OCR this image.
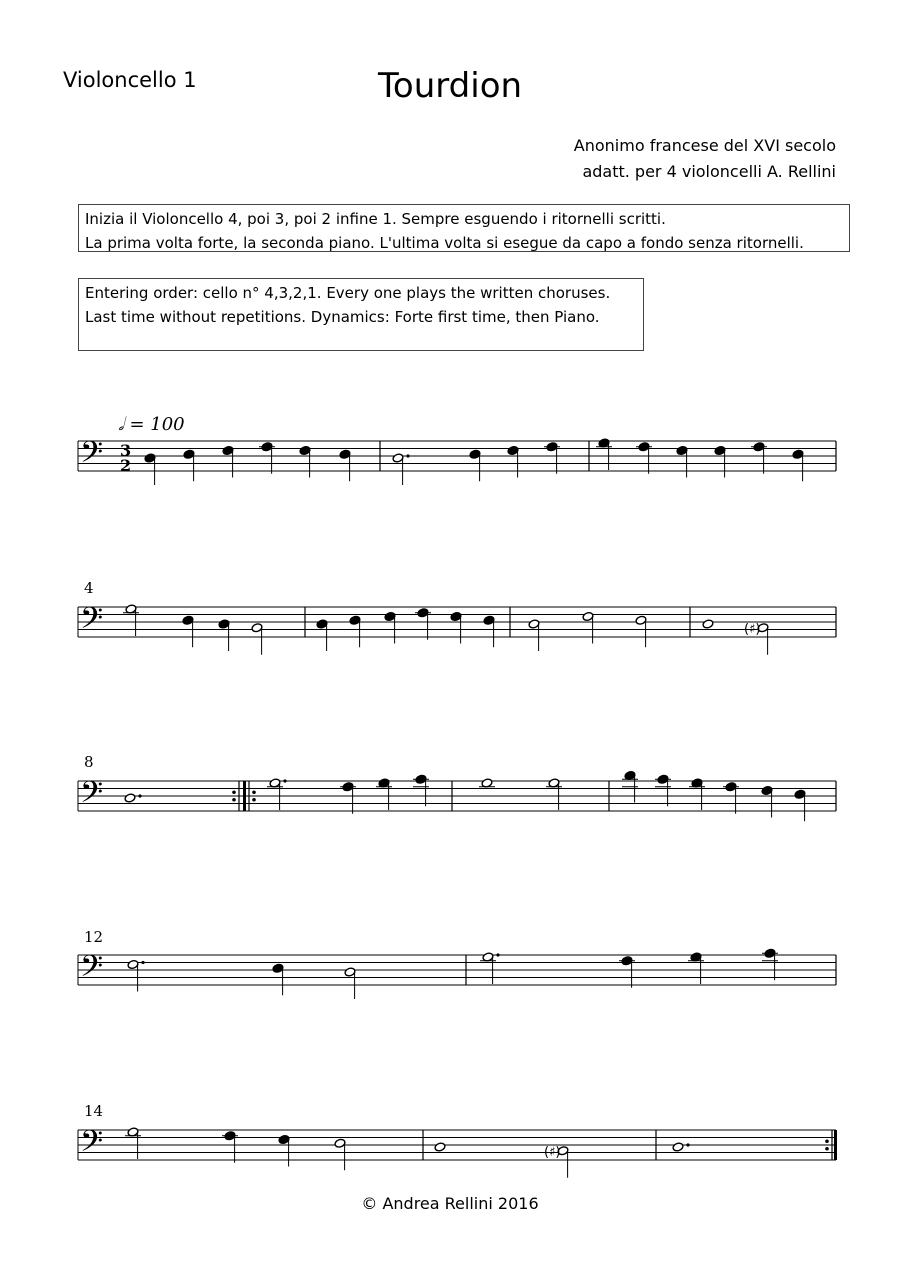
Violoncello 1	Tourdion
Anonimo francese del XVI secolo
adatt. per 4 violoncelli A. Rellini
Inizia il Violoncello 4, poi 3, poi 2 infine 1. Sempre esguendo i ritornelli scritti.
La prima volta forte, la seconda piano. L'ultima volta si esegue da capo a fondo senza ritornelli.
Entering order: cello n° 4,3,2,1. Every one plays the written choruses.
Last time without repetitions. Dynamics: Forte first time, then Piano.
𝅗𝅥 = 100
4
8
12
14
𝄢 3
2
𝄢	(♯)
𝄢
𝄢
𝄢	(♯)
© Andrea Rellini 2016
